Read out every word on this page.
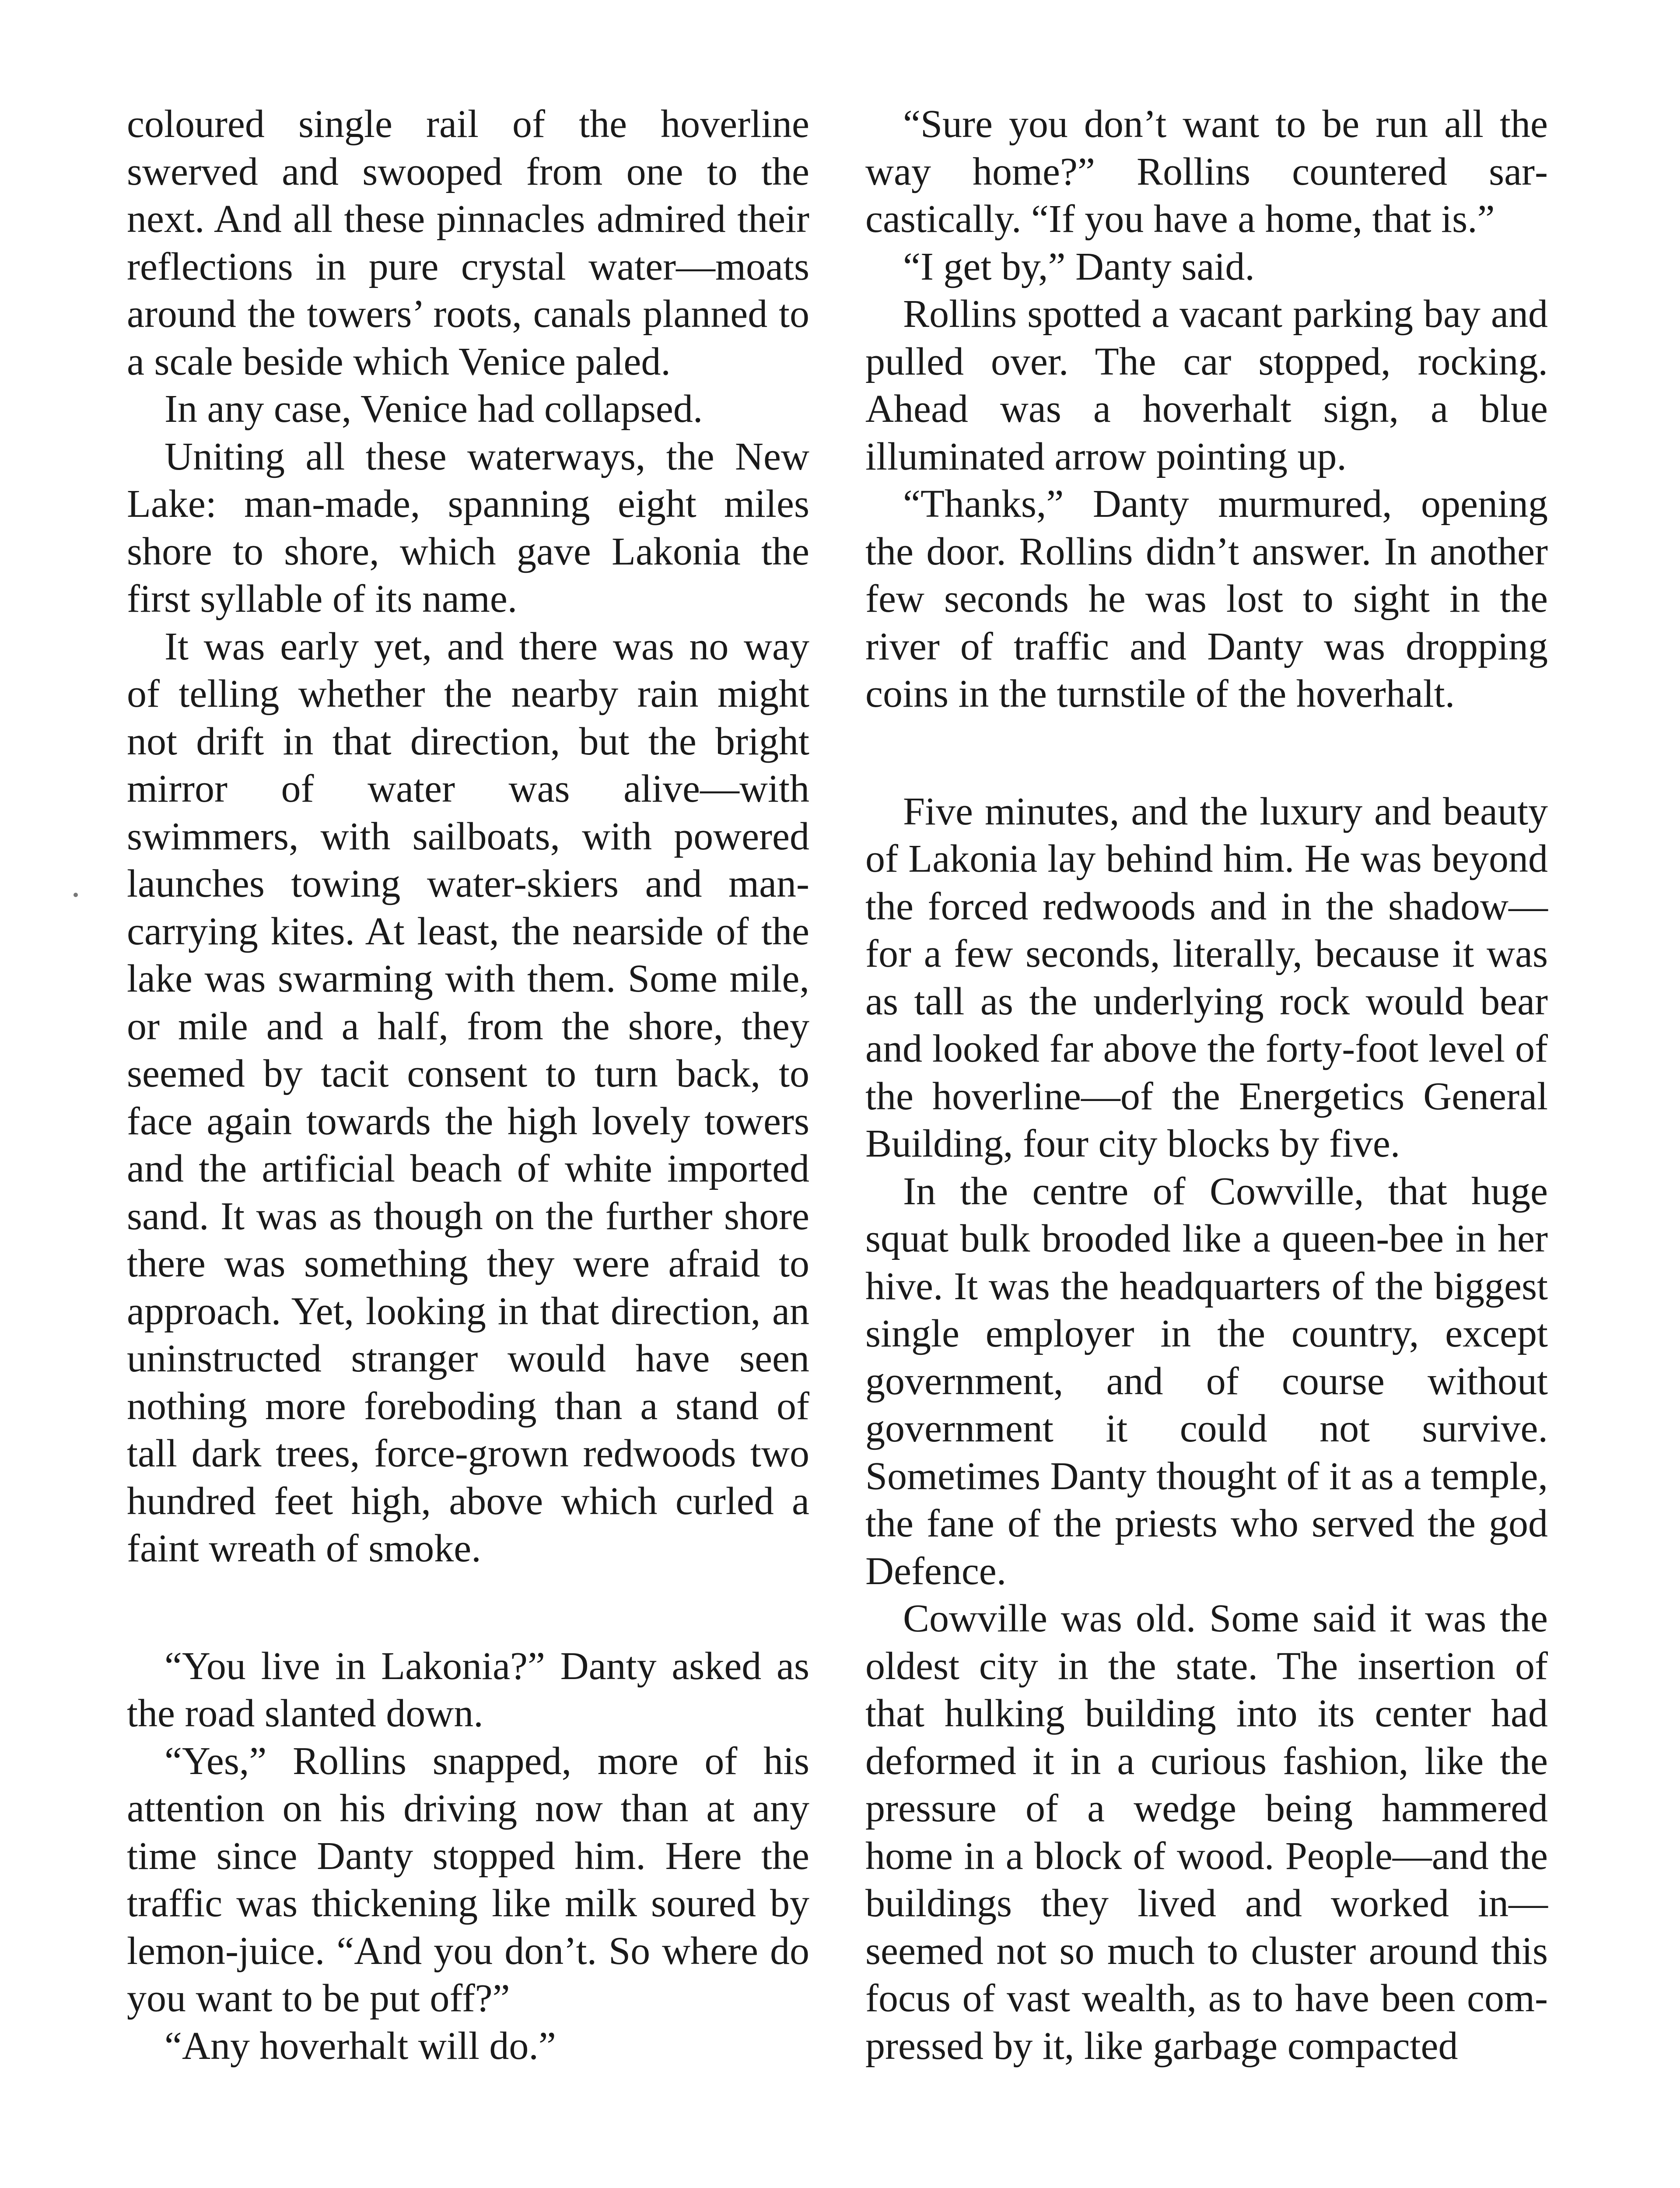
coloured single rail of the hoverline swerved and swooped from one to the next. And all these pinnacles admired their reflections in pure crystal water—moats around the towers’ roots, canals planned to a scale beside which Venice paled.

In any case, Venice had collapsed.

Uniting all these waterways, the New Lake: man-made, spanning eight miles shore to shore, which gave Lakonia the first syllable of its name.

It was early yet, and there was no way of telling whether the nearby rain might not drift in that direction, but the bright mirror of water was alive—with swimmers, with sailboats, with powered launches towing water-skiers and man-carrying kites. At least, the nearside of the lake was swarming with them. Some mile, or mile and a half, from the shore, they seemed by tacit consent to turn back, to face again towards the high lovely towers and the artificial beach of white imported sand. It was as though on the further shore there was something they were afraid to approach. Yet, looking in that direction, an uninstructed stranger would have seen nothing more foreboding than a stand of tall dark trees, force-grown redwoods two hundred feet high, above which curled a faint wreath of smoke.

“You live in Lakonia?” Danty asked as the road slanted down.

“Yes,” Rollins snapped, more of his attention on his driving now than at any time since Danty stopped him. Here the traffic was thickening like milk soured by lemon-juice. “And you don’t. So where do you want to be put off?”

“Any hoverhalt will do.”

“Sure you don’t want to be run all the way home?” Rollins countered sarcastically. “If you have a home, that is.”

“I get by,” Danty said.

Rollins spotted a vacant parking bay and pulled over. The car stopped, rocking. Ahead was a hoverhalt sign, a blue illuminated arrow pointing up.

“Thanks,” Danty murmured, opening the door. Rollins didn’t answer. In another few seconds he was lost to sight in the river of traffic and Danty was dropping coins in the turnstile of the hoverhalt.

Five minutes, and the luxury and beauty of Lakonia lay behind him. He was beyond the forced redwoods and in the shadow—for a few seconds, literally, because it was as tall as the underlying rock would bear and looked far above the forty-foot level of the hoverline—of the Energetics General Building, four city blocks by five.

In the centre of Cowville, that huge squat bulk brooded like a queen-bee in her hive. It was the headquarters of the biggest single employer in the country, except government, and of course without government it could not survive. Sometimes Danty thought of it as a temple, the fane of the priests who served the god Defence.

Cowville was old. Some said it was the oldest city in the state. The insertion of that hulking building into its center had deformed it in a curious fashion, like the pressure of a wedge being hammered home in a block of wood. People—and the buildings they lived and worked in—seemed not so much to cluster around this focus of vast wealth, as to have been compressed by it, like garbage compacted
